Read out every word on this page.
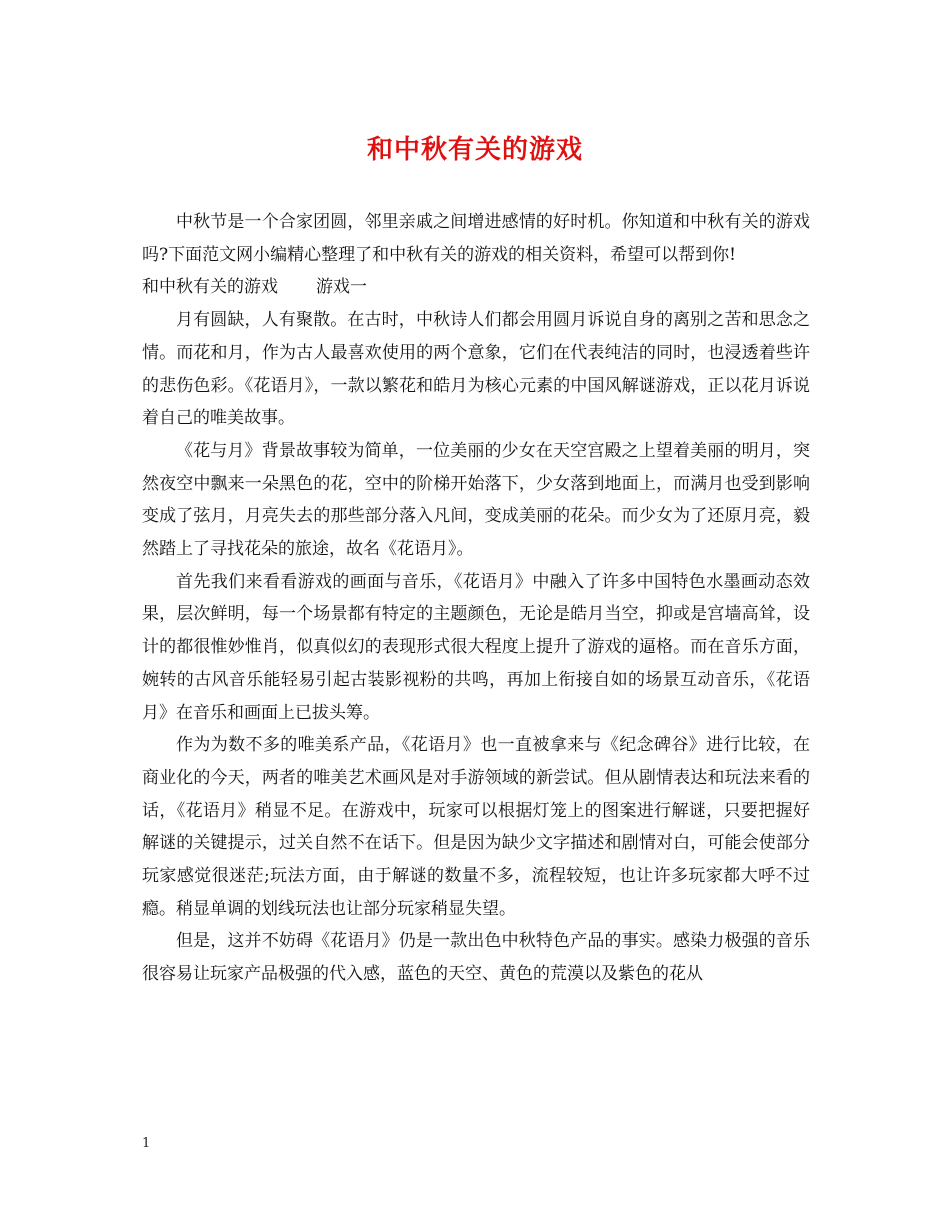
和中秋有关的游戏

中秋节是一个合家团圆，邻里亲戚之间增进感情的好时机。你知道和中秋有关的游戏吗?下面范文网小编精心整理了和中秋有关的游戏的相关资料，希望可以帮到你!

和中秋有关的游戏 游戏一

月有圆缺，人有聚散。在古时，中秋诗人们都会用圆月诉说自身的离别之苦和思念之情。而花和月，作为古人最喜欢使用的两个意象，它们在代表纯洁的同时，也浸透着些许的悲伤色彩。《花语月》，一款以繁花和皓月为核心元素的中国风解谜游戏，正以花月诉说着自己的唯美故事。

《花与月》背景故事较为简单，一位美丽的少女在天空宫殿之上望着美丽的明月，突然夜空中飘来一朵黑色的花，空中的阶梯开始落下，少女落到地面上，而满月也受到影响变成了弦月，月亮失去的那些部分落入凡间，变成美丽的花朵。而少女为了还原月亮，毅然踏上了寻找花朵的旅途，故名《花语月》。

首先我们来看看游戏的画面与音乐，《花语月》中融入了许多中国特色水墨画动态效果，层次鲜明，每一个场景都有特定的主题颜色，无论是皓月当空，抑或是宫墙高耸，设计的都很惟妙惟肖，似真似幻的表现形式很大程度上提升了游戏的逼格。而在音乐方面，婉转的古风音乐能轻易引起古装影视粉的共鸣，再加上衔接自如的场景互动音乐，《花语月》在音乐和画面上已拔头筹。

作为为数不多的唯美系产品，《花语月》也一直被拿来与《纪念碑谷》进行比较，在商业化的今天，两者的唯美艺术画风是对手游领域的新尝试。但从剧情表达和玩法来看的话，《花语月》稍显不足。在游戏中，玩家可以根据灯笼上的图案进行解谜，只要把握好解谜的关键提示，过关自然不在话下。但是因为缺少文字描述和剧情对白，可能会使部分玩家感觉很迷茫;玩法方面，由于解谜的数量不多，流程较短，也让许多玩家都大呼不过瘾。稍显单调的划线玩法也让部分玩家稍显失望。

但是，这并不妨碍《花语月》仍是一款出色中秋特色产品的事实。感染力极强的音乐很容易让玩家产品极强的代入感，蓝色的天空、黄色的荒漠以及紫色的花从

1
